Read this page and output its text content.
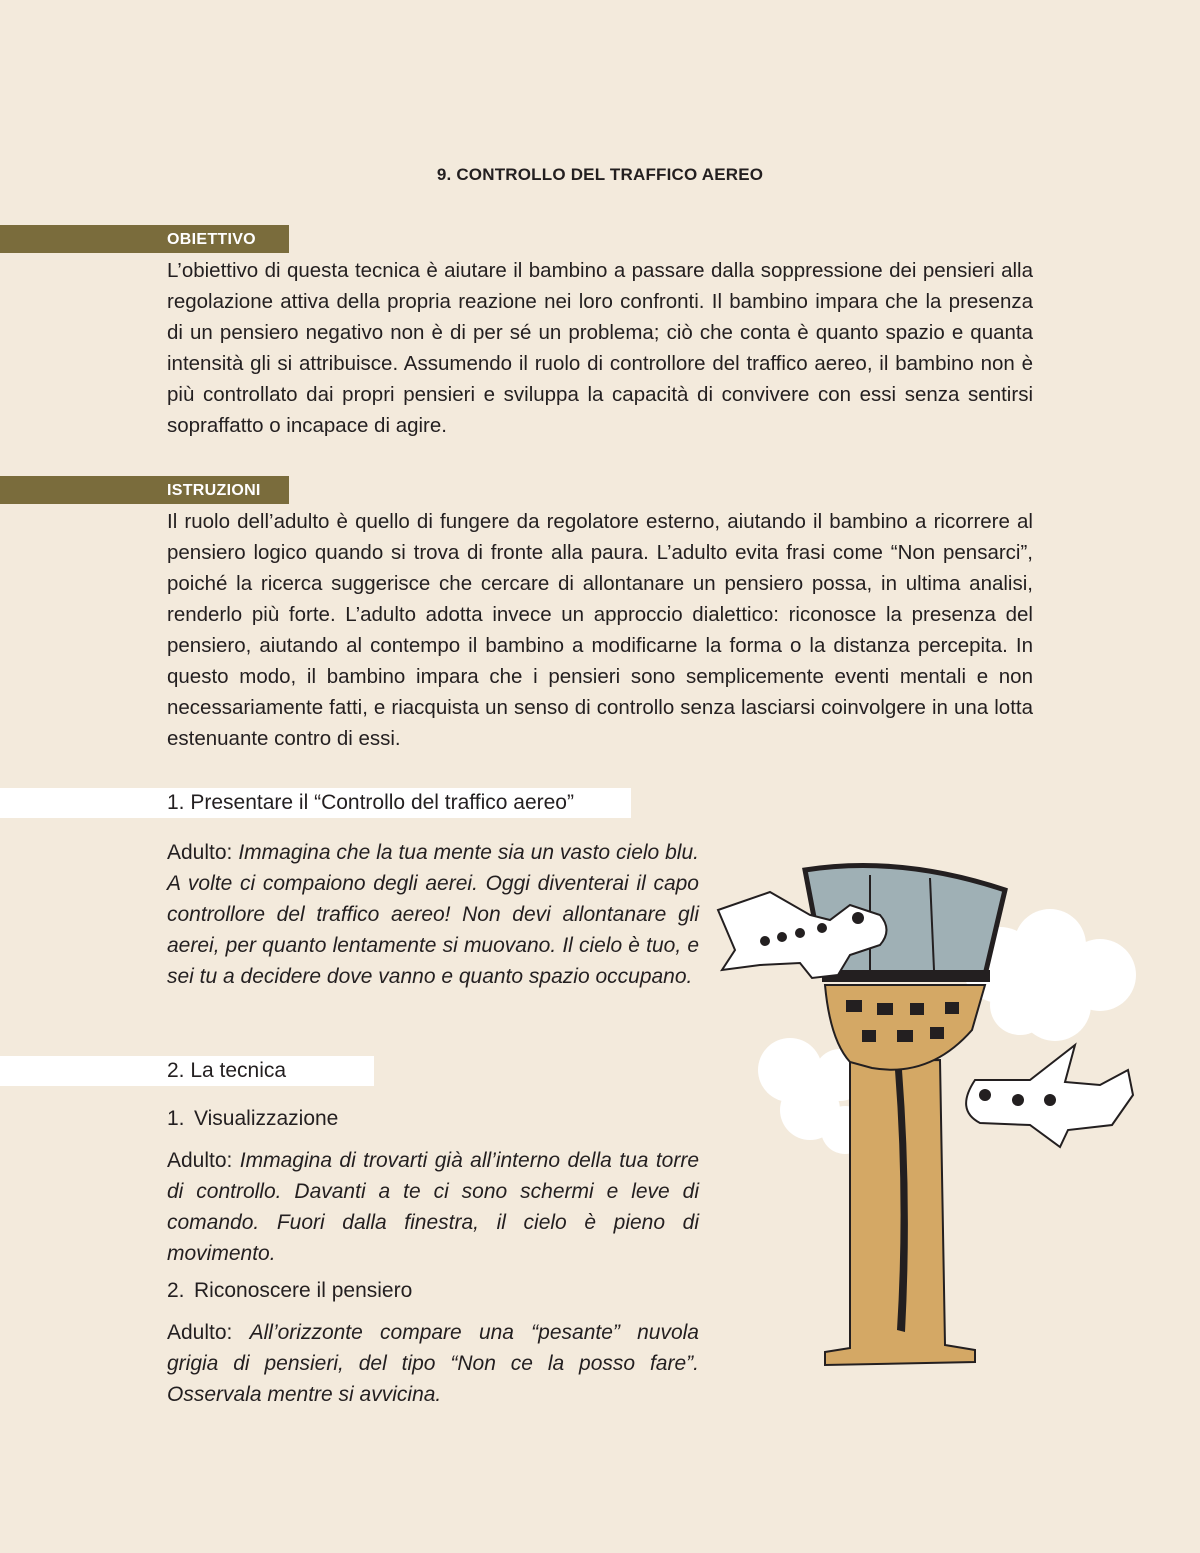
9. CONTROLLO DEL TRAFFICO AEREO
OBIETTIVO
L’obiettivo di questa tecnica è aiutare il bambino a passare dalla soppressione dei pensieri alla regolazione attiva della propria reazione nei loro confronti. Il bambino impara che la presenza di un pensiero negativo non è di per sé un problema; ciò che conta è quanto spazio e quanta intensità gli si attribuisce. Assumendo il ruolo di controllore del traffico aereo, il bambino non è più controllato dai propri pensieri e sviluppa la capacità di convivere con essi senza sentirsi sopraffatto o incapace di agire.
ISTRUZIONI
Il ruolo dell’adulto è quello di fungere da regolatore esterno, aiutando il bambino a ricorrere al pensiero logico quando si trova di fronte alla paura. L’adulto evita frasi come “Non pensarci”, poiché la ricerca suggerisce che cercare di allontanare un pensiero possa, in ultima analisi, renderlo più forte. L’adulto adotta invece un approccio dialettico: riconosce la presenza del pensiero, aiutando al contempo il bambino a modificarne la forma o la distanza percepita. In questo modo, il bambino impara che i pensieri sono semplicemente eventi mentali e non necessariamente fatti, e riacquista un senso di controllo senza lasciarsi coinvolgere in una lotta estenuante contro di essi.
1. Presentare il “Controllo del traffico aereo”
Adulto: Immagina che la tua mente sia un vasto cielo blu. A volte ci compaiono degli aerei. Oggi diventerai il capo controllore del traffico aereo! Non devi allontanare gli aerei, per quanto lentamente si muovano. Il cielo è tuo, e sei tu a decidere dove vanno e quanto spazio occupano.
2. La tecnica
1. Visualizzazione
Adulto: Immagina di trovarti già all’interno della tua torre di controllo. Davanti a te ci sono schermi e leve di comando. Fuori dalla finestra, il cielo è pieno di movimento.
2. Riconoscere il pensiero
Adulto: All’orizzonte compare una “pesante” nuvola grigia di pensieri, del tipo “Non ce la posso fare”. Osservala mentre si avvicina.
